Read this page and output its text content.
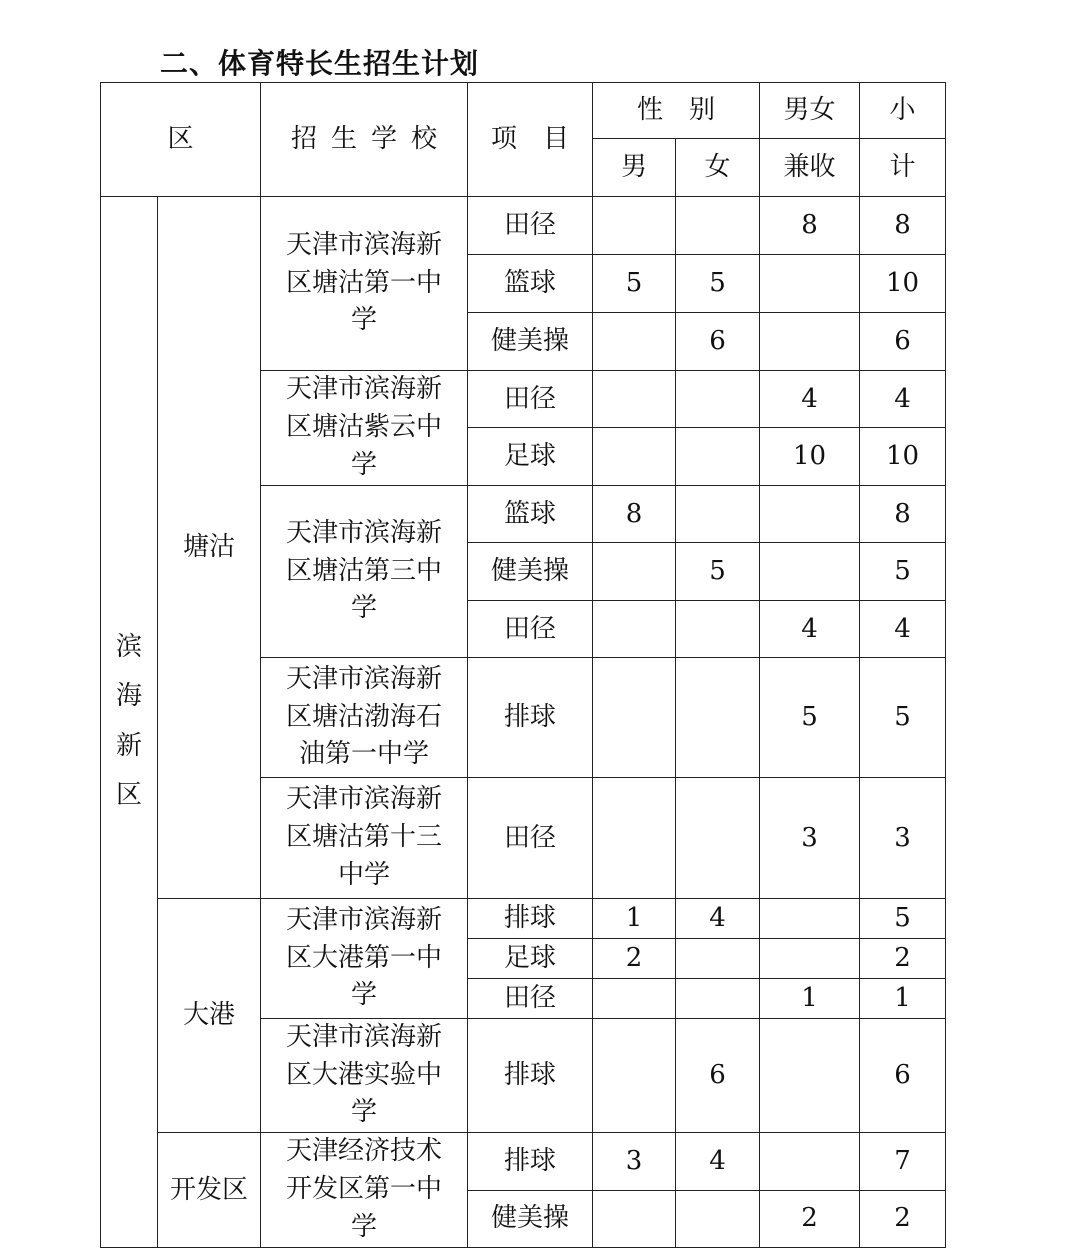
二、体育特长生招生计划
区		招生学校	项　目	性　别		男女	小
				男	女	兼收	计
滨海新区	塘沽	天津市滨海新区塘沽第一中学	田径			8	8
			篮球	5	5		10
			健美操		6		6
		天津市滨海新区塘沽紫云中学	田径			4	4
			足球			10	10
		天津市滨海新区塘沽第三中学	篮球	8			8
			健美操		5		5
			田径			4	4
		天津市滨海新区塘沽渤海石油第一中学	排球			5	5
		天津市滨海新区塘沽第十三中学	田径			3	3
	大港	天津市滨海新区大港第一中学	排球	1	4		5
			足球	2			2
			田径			1	1
		天津市滨海新区大港实验中学	排球		6		6
	开发区	天津经济技术开发区第一中学	排球	3	4		7
			健美操			2	2
